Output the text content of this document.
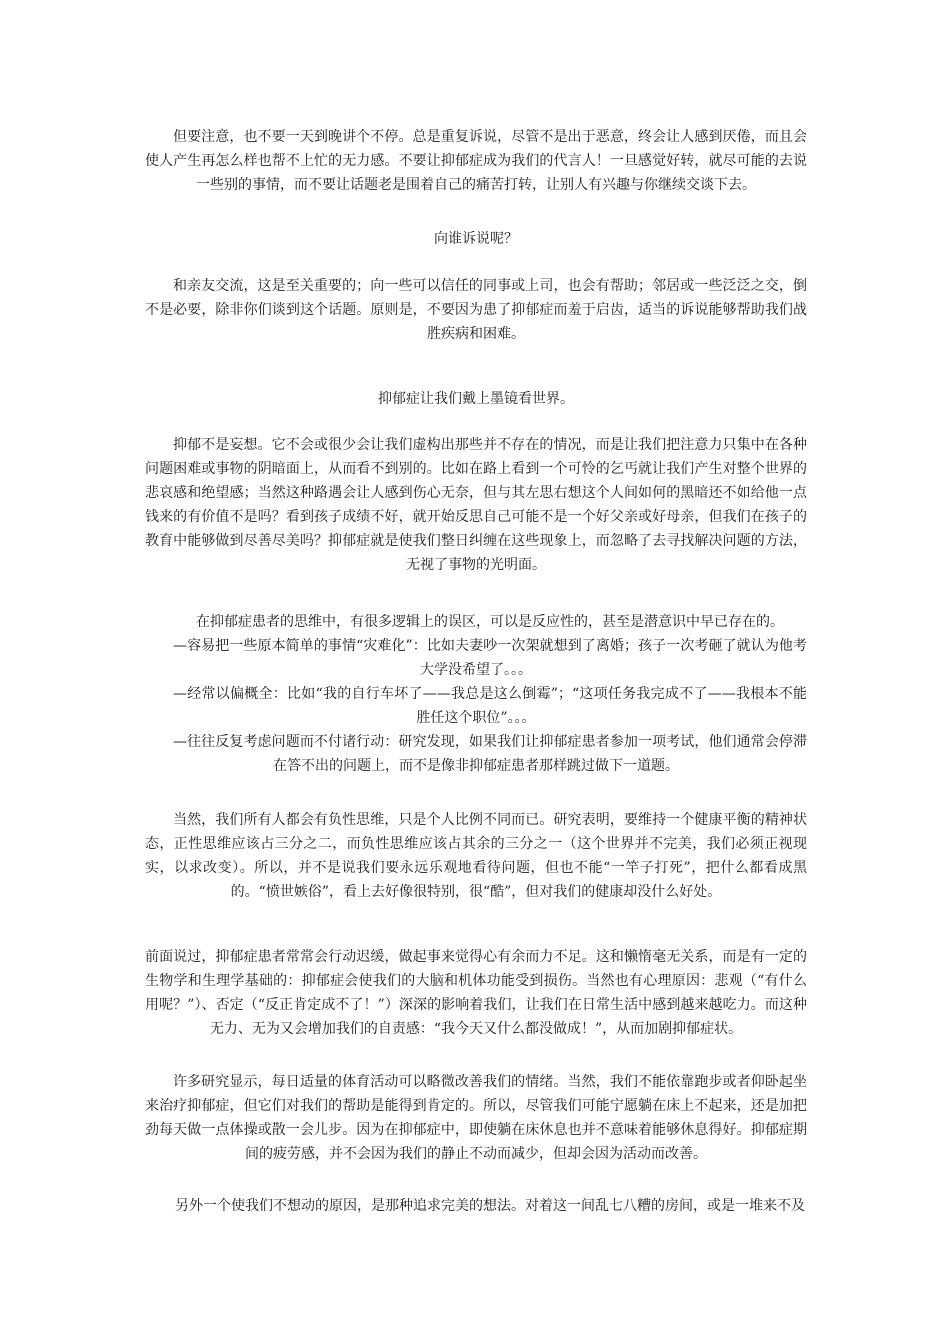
但要注意，也不要一天到晚讲个不停。总是重复诉说，尽管不是出于恶意，终会让人感到厌倦，而且会使人产生再怎么样也帮不上忙的无力感。不要让抑郁症成为我们的代言人！一旦感觉好转，就尽可能的去说一些别的事情，而不要让话题老是围着自己的痛苦打转，让别人有兴趣与你继续交谈下去。
向谁诉说呢？
和亲友交流，这是至关重要的；向一些可以信任的同事或上司，也会有帮助；邻居或一些泛泛之交，倒不是必要，除非你们谈到这个话题。原则是，不要因为患了抑郁症而羞于启齿，适当的诉说能够帮助我们战胜疾病和困难。
抑郁症让我们戴上墨镜看世界。
抑郁不是妄想。它不会或很少会让我们虚构出那些并不存在的情况，而是让我们把注意力只集中在各种问题困难或事物的阴暗面上，从而看不到别的。比如在路上看到一个可怜的乞丐就让我们产生对整个世界的悲哀感和绝望感；当然这种路遇会让人感到伤心无奈，但与其左思右想这个人间如何的黑暗还不如给他一点钱来的有价值不是吗？看到孩子成绩不好，就开始反思自己可能不是一个好父亲或好母亲，但我们在孩子的教育中能够做到尽善尽美吗？抑郁症就是使我们整日纠缠在这些现象上，而忽略了去寻找解决问题的方法，无视了事物的光明面。
在抑郁症患者的思维中，有很多逻辑上的误区，可以是反应性的，甚至是潜意识中早已存在的。
—容易把一些原本简单的事情“灾难化”：比如夫妻吵一次架就想到了离婚；孩子一次考砸了就认为他考大学没希望了。。。
—经常以偏概全：比如“我的自行车坏了——我总是这么倒霉”；“这项任务我完成不了——我根本不能胜任这个职位”。。。
—往往反复考虑问题而不付诸行动：研究发现，如果我们让抑郁症患者参加一项考试，他们通常会停滞在答不出的问题上，而不是像非抑郁症患者那样跳过做下一道题。
当然，我们所有人都会有负性思维，只是个人比例不同而已。研究表明，要维持一个健康平衡的精神状态，正性思维应该占三分之二，而负性思维应该占其余的三分之一（这个世界并不完美，我们必须正视现实，以求改变）。所以，并不是说我们要永远乐观地看待问题，但也不能“一竿子打死”，把什么都看成黑的。“愤世嫉俗”，看上去好像很特别，很“酷”，但对我们的健康却没什么好处。
前面说过，抑郁症患者常常会行动迟缓，做起事来觉得心有余而力不足。这和懒惰毫无关系，而是有一定的生物学和生理学基础的：抑郁症会使我们的大脑和机体功能受到损伤。当然也有心理原因：悲观（“有什么用呢？”）、否定（“反正肯定成不了！”）深深的影响着我们，让我们在日常生活中感到越来越吃力。而这种无力、无为又会增加我们的自责感：“我今天又什么都没做成！”，从而加剧抑郁症状。
许多研究显示，每日适量的体育活动可以略微改善我们的情绪。当然，我们不能依靠跑步或者仰卧起坐来治疗抑郁症，但它们对我们的帮助是能得到肯定的。所以，尽管我们可能宁愿躺在床上不起来，还是加把劲每天做一点体操或散一会儿步。因为在抑郁症中，即使躺在床休息也并不意味着能够休息得好。抑郁症期间的疲劳感，并不会因为我们的静止不动而减少，但却会因为活动而改善。
另外一个使我们不想动的原因，是那种追求完美的想法。对着这一间乱七八糟的房间，或是一堆来不及
